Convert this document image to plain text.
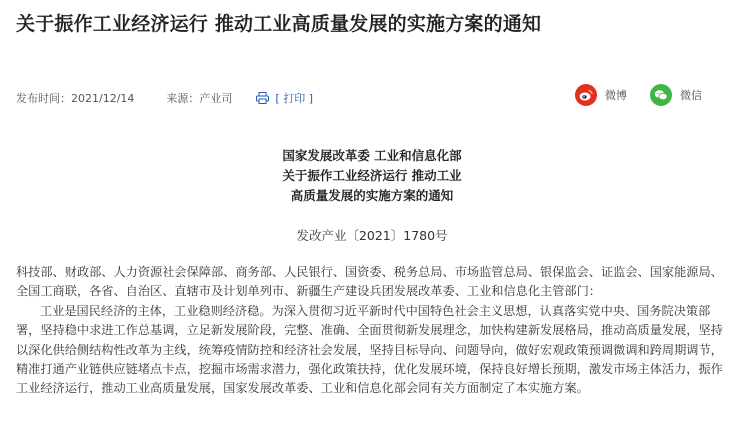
关于振作工业经济运行 推动工业高质量发展的实施方案的通知
发布时间：2021/12/14	来源：产业司	[ 打印 ]	微博	微信
国家发展改革委 工业和信息化部
关于振作工业经济运行 推动工业
高质量发展的实施方案的通知
发改产业〔2021〕1780号

科技部、财政部、人力资源社会保障部、商务部、人民银行、国资委、税务总局、市场监管总局、银保监会、证监会、国家能源局、全国工商联，各省、自治区、直辖市及计划单列市、新疆生产建设兵团发展改革委、工业和信息化主管部门：

工业是国民经济的主体，工业稳则经济稳。为深入贯彻习近平新时代中国特色社会主义思想，认真落实党中央、国务院决策部署，坚持稳中求进工作总基调，立足新发展阶段，完整、准确、全面贯彻新发展理念，加快构建新发展格局，推动高质量发展，坚持以深化供给侧结构性改革为主线，统筹疫情防控和经济社会发展，坚持目标导向、问题导向，做好宏观政策预调微调和跨周期调节，精准打通产业链供应链堵点卡点，挖掘市场需求潜力，强化政策扶持，优化发展环境，保持良好增长预期，激发市场主体活力，振作工业经济运行，推动工业高质量发展，国家发展改革委、工业和信息化部会同有关方面制定了本实施方案。
